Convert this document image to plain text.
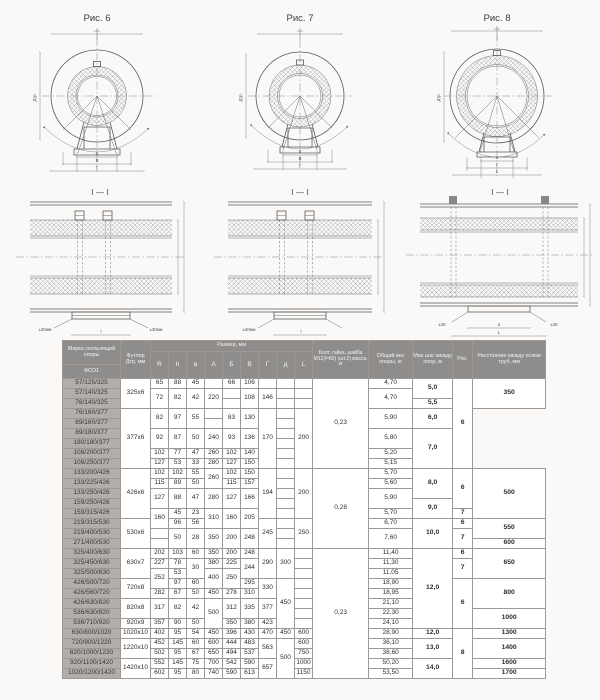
Рис. 6
Дтр
Б
В
Г
Рис. 7
Дтр
Б
В
Г
Рис. 8
Дтр
а
Г
L
I — I
±30мм	±30мм
l
I — I
±30мм	l
I — I
±30	±30
а
L
Марка скользящей опоры	Футляр Дтр, мм	Размер, мм									Болт, гайка, шайба М12(l=80) (шт.2) масса, кг	Общий вес опоры, кг	Мах шаг между опор, м	Рис.	Расстояние между осями труб, мм
		R	h	в	А	Б	В	Г	д	L					
ФСО1															
57/125/325	325х6	65	88	45		66	106				0,23	4,70	5,0	6	350
57/140/325		72	82	42	220		108	146				4,70			
76/140/325													5,5		
76/160/377	377х6	82	97	55		83	130	170		200		5,90	6,0		
89/160/377															
89/180/377		92	87	50	240	93	136					5,80	7,0		
180/180/377															
108/200/377		102	77	47	260	102	140					5,20			
108/250/377		127	53	33	280	127	150					5,15			
133/200/426	426х6	102	102	55	260	102	150	194		200	0,28	5,70	8,0	6	500
133/225/426		115	89	50		115	157					5,60			
133/250/426		127	88	47	280	127	166					5,90			
159/250/426													9,0		
159/315/426		160	45	23	310	160	205					5,70		7	
219/315/530	530х6		96	56				245		250		6,70	10,0	6	550
219/400/530			50	28	350	200	248					7,60		7	
271/400/530															600
325/400/630	630х7	202	103	60	350	200	248	290	300		0,23	11,40	12,0	6	650
325/450/630		227	78	30	380	225	244					11,30		7	
325/500/630		252	53		400	250						11,05			
426/500/720	720х8		97	60			295	330	450			18,90		6	800
426/560/720		282	67	50	450	278	310					18,95			
426/630/820	820х8	317	82	42	500	312	335	377				21,10			
536/630/820												22,30			1000
536/710/920	920х9	357	90	50		350	380	423				24,10			
630/800/1020	1020х10	402	95	54	450	396	430	470	450	600		28,90	12,0	8	1300
720/900/1220	1220х10	452	145	60	600	444	483	563	500	600		36,10	13,0		1400
820/1000/1220		502	95	67	650	494	537			750		38,60			
920/1100/1420	1420х10	552	145	75	700	542	590	657		1000		50,20	14,0		1600
1020/1200/1420		602	95	80	740	590	613			1150		53,50			1700
